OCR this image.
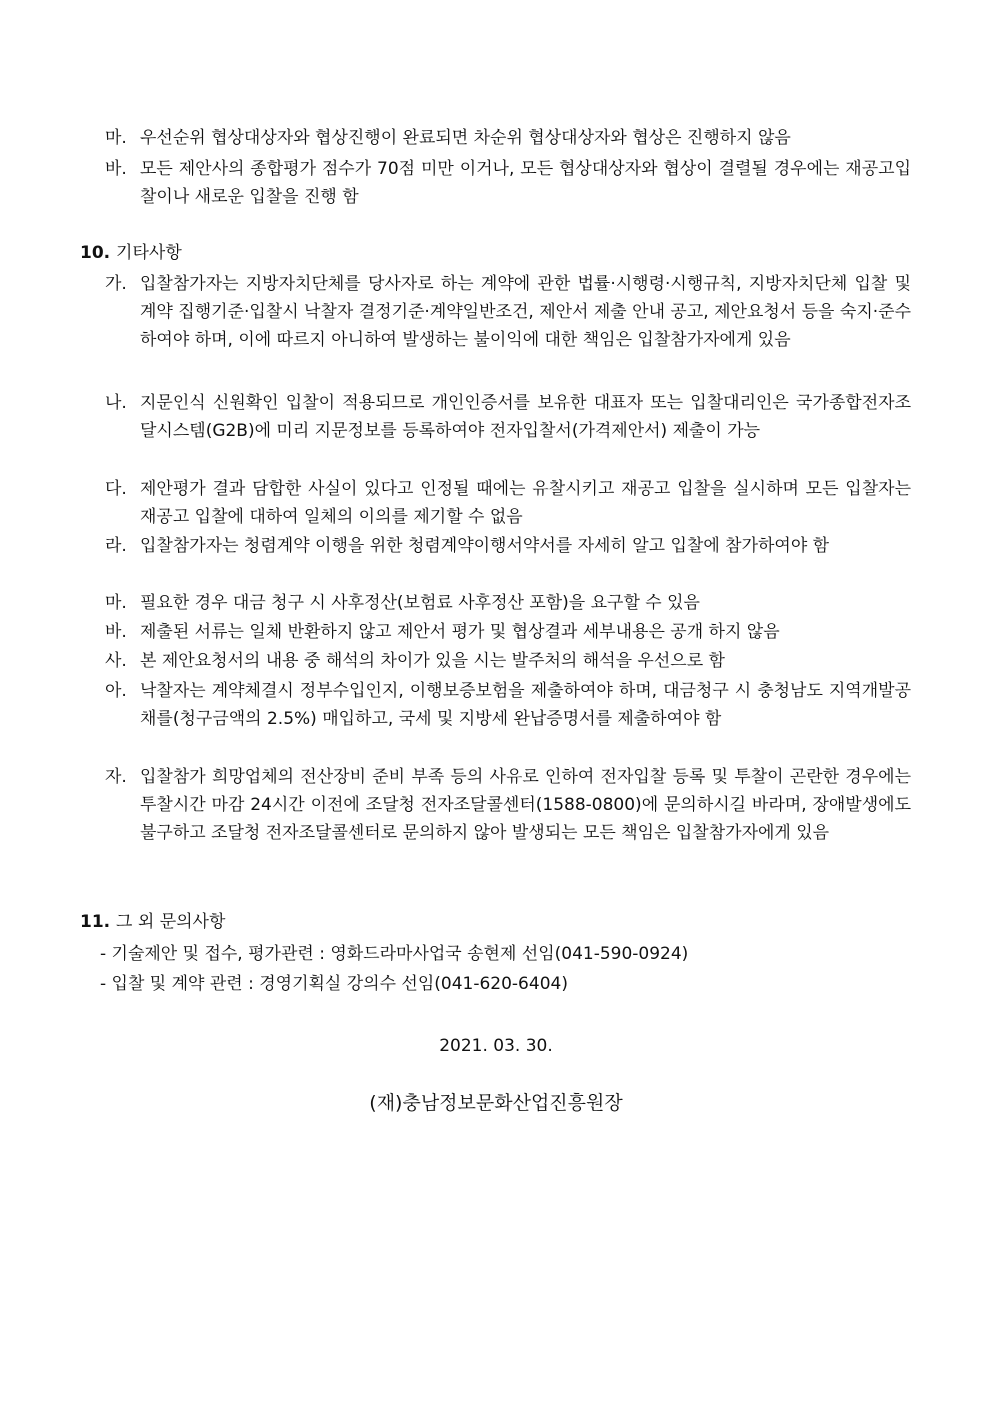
마. 우선순위 협상대상자와 협상진행이 완료되면 차순위 협상대상자와 협상은 진행하지 않음
바. 모든 제안사의 종합평가 점수가 70점 미만 이거나, 모든 협상대상자와 협상이 결렬될 경우에는 재공고입찰이나 새로운 입찰을 진행 함
10. 기타사항
가. 입찰참가자는 지방자치단체를 당사자로 하는 계약에 관한 법률·시행령·시행규칙, 지방자치단체 입찰 및 계약 집행기준·입찰시 낙찰자 결정기준·계약일반조건, 제안서 제출 안내 공고, 제안요청서 등을 숙지·준수하여야 하며, 이에 따르지 아니하여 발생하는 불이익에 대한 책임은 입찰참가자에게 있음
나. 지문인식 신원확인 입찰이 적용되므로 개인인증서를 보유한 대표자 또는 입찰대리인은 국가종합전자조달시스템(G2B)에 미리 지문정보를 등록하여야 전자입찰서(가격제안서) 제출이 가능
다. 제안평가 결과 담합한 사실이 있다고 인정될 때에는 유찰시키고 재공고 입찰을 실시하며 모든 입찰자는 재공고 입찰에 대하여 일체의 이의를 제기할 수 없음
라. 입찰참가자는 청렴계약 이행을 위한 청렴계약이행서약서를 자세히 알고 입찰에 참가하여야 함
마. 필요한 경우 대금 청구 시 사후정산(보험료 사후정산 포함)을 요구할 수 있음
바. 제출된 서류는 일체 반환하지 않고 제안서 평가 및 협상결과 세부내용은 공개 하지 않음
사. 본 제안요청서의 내용 중 해석의 차이가 있을 시는 발주처의 해석을 우선으로 함
아. 낙찰자는 계약체결시 정부수입인지, 이행보증보험을 제출하여야 하며, 대금청구 시 충청남도 지역개발공채를(청구금액의 2.5%) 매입하고, 국세 및 지방세 완납증명서를 제출하여야 함
자. 입찰참가 희망업체의 전산장비 준비 부족 등의 사유로 인하여 전자입찰 등록 및 투찰이 곤란한 경우에는 투찰시간 마감 24시간 이전에 조달청 전자조달콜센터(1588-0800)에 문의하시길 바라며, 장애발생에도 불구하고 조달청 전자조달콜센터로 문의하지 않아 발생되는 모든 책임은 입찰참가자에게 있음
11. 그 외 문의사항
- 기술제안 및 접수, 평가관련 : 영화드라마사업국 송현제 선임(041-590-0924)
- 입찰 및 계약 관련 : 경영기획실 강의수 선임(041-620-6404)
2021. 03. 30.
(재)충남정보문화산업진흥원장
